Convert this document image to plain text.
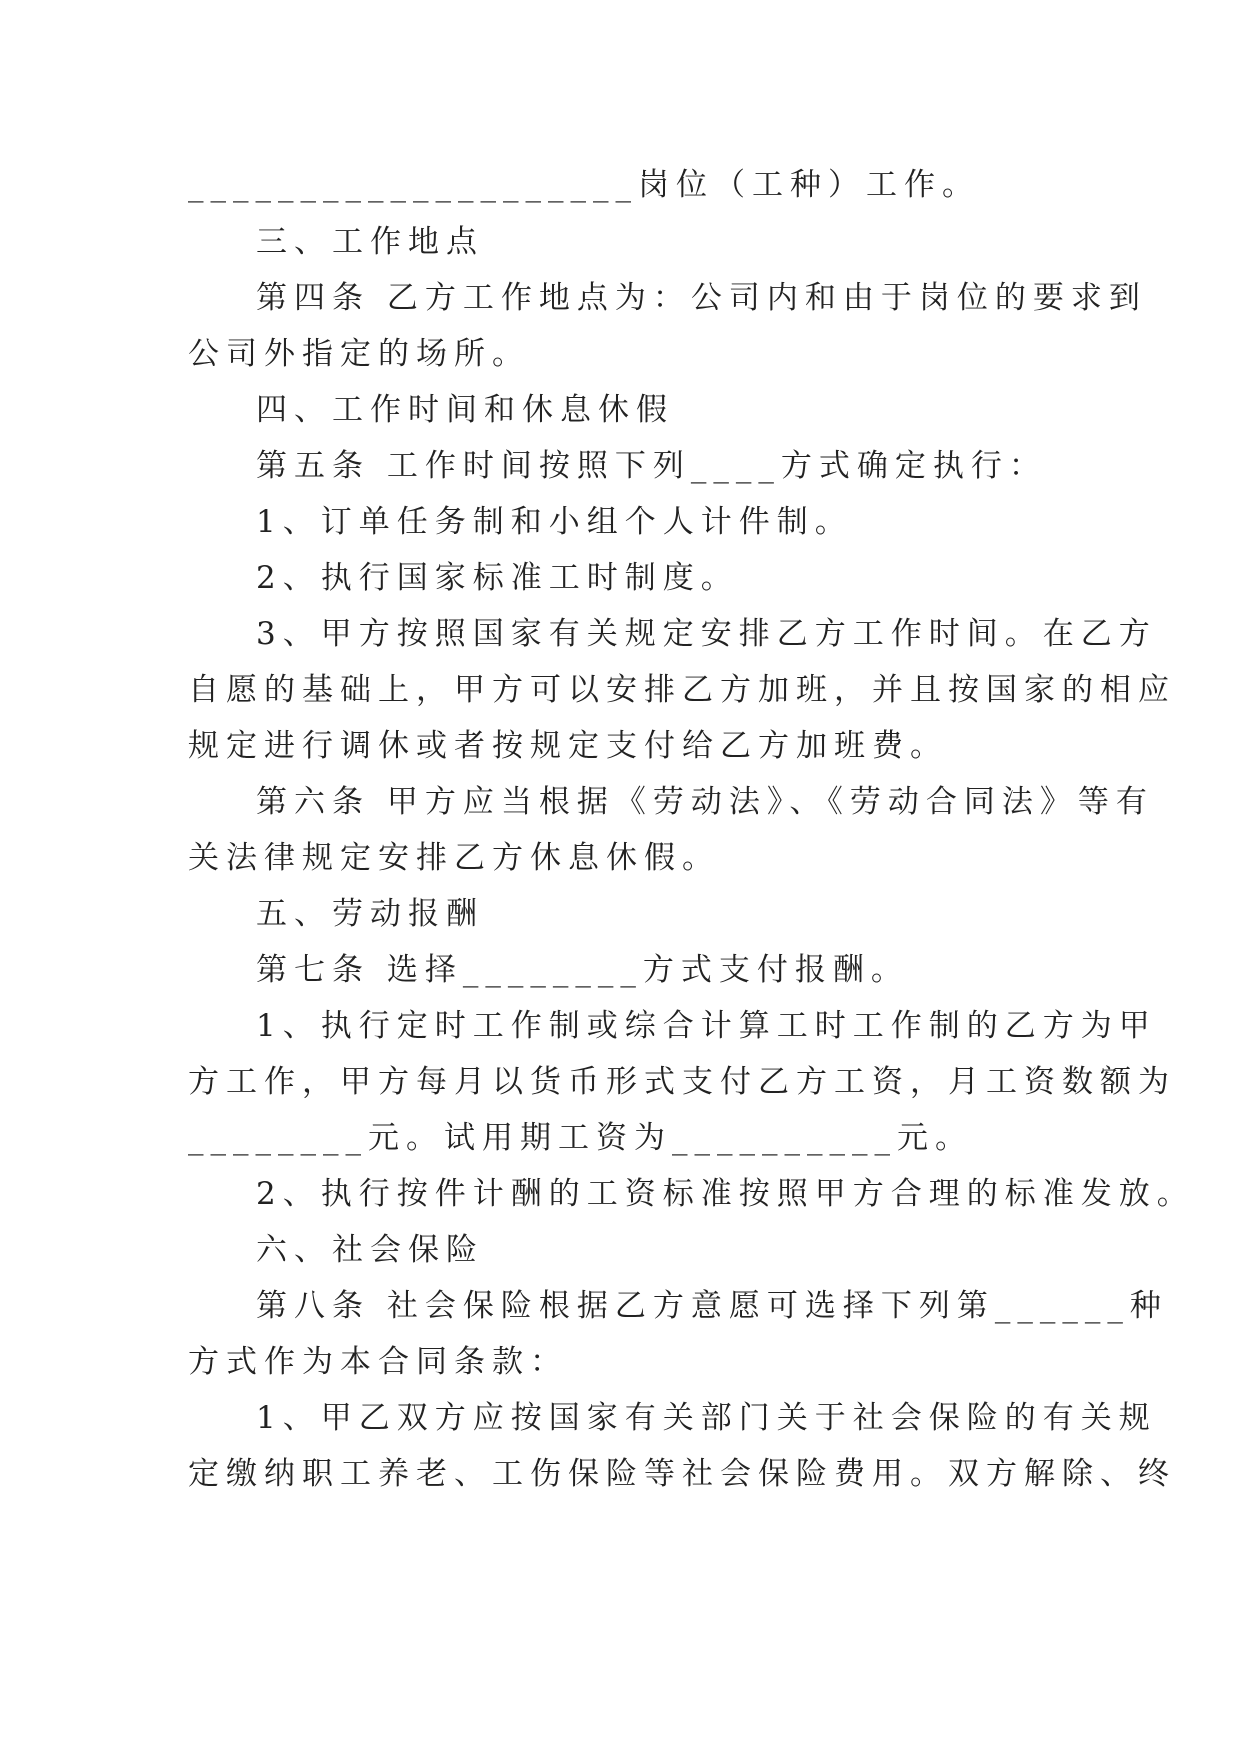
____________________岗位（工种）工作。
三、工作地点
第四条 乙方工作地点为：公司内和由于岗位的要求到
公司外指定的场所。
四、工作时间和休息休假
第五条 工作时间按照下列____方式确定执行：
1、订单任务制和小组个人计件制。
2、执行国家标准工时制度。
3、甲方按照国家有关规定安排乙方工作时间。在乙方
自愿的基础上，甲方可以安排乙方加班，并且按国家的相应
规定进行调休或者按规定支付给乙方加班费。
第六条 甲方应当根据《劳动法》、《劳动合同法》等有
关法律规定安排乙方休息休假。
五、劳动报酬
第七条 选择________方式支付报酬。
1、执行定时工作制或综合计算工时工作制的乙方为甲
方工作，甲方每月以货币形式支付乙方工资，月工资数额为
________元。试用期工资为__________元。
2、执行按件计酬的工资标准按照甲方合理的标准发放。
六、社会保险
第八条 社会保险根据乙方意愿可选择下列第______种
方式作为本合同条款：
1、甲乙双方应按国家有关部门关于社会保险的有关规
定缴纳职工养老、工伤保险等社会保险费用。双方解除、终
